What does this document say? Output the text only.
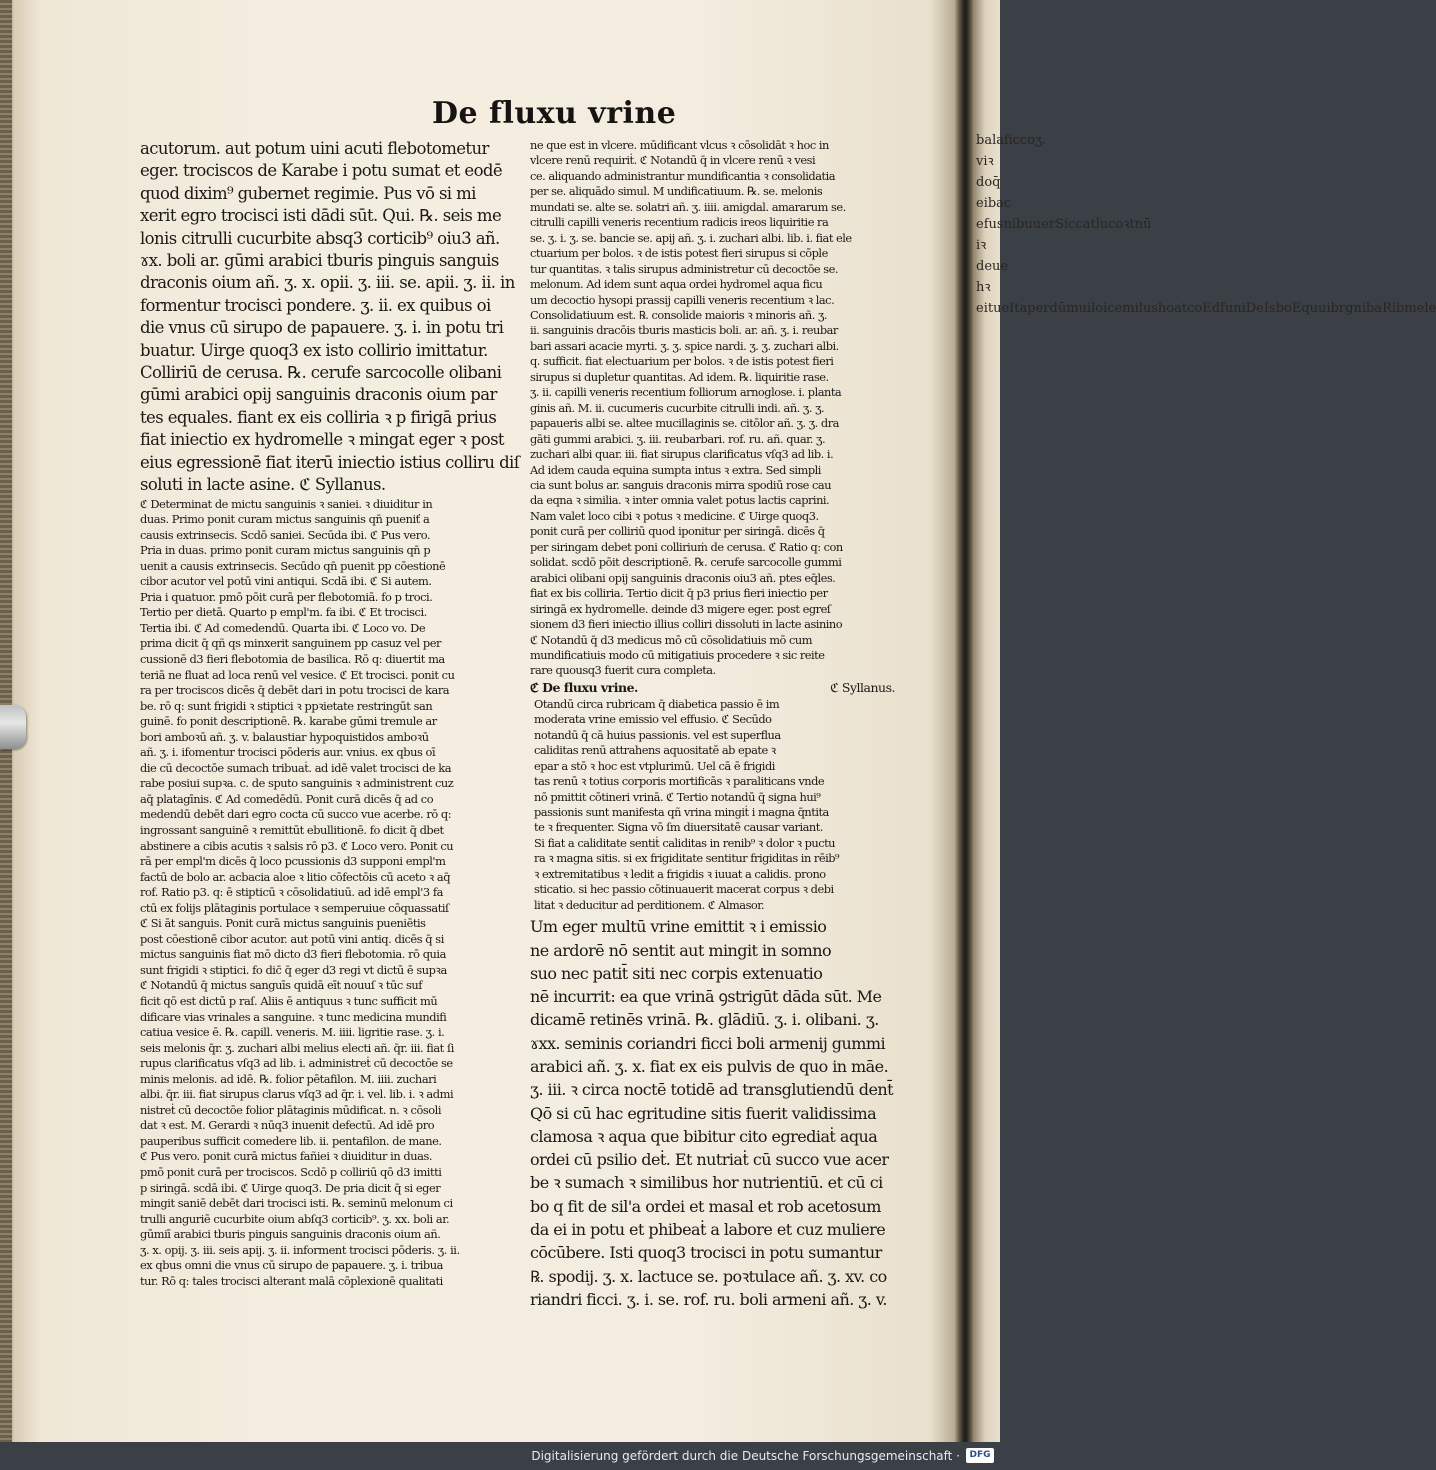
De fluxu vrine
acutorum. aut potum uini acuti flebotometur
eger. trociscos de Karabe i potu sumat et eodē
quod dixim⁹ gubernet regimie. Pus vō si mi
xerit egro trocisci isti dādi sūt. Qui. ℞. seis me
lonis citrulli cucurbite absq3 corticib⁹ oiu3 añ.
ɤx. boli ar. gūmi arabici tburis pinguis sanguis
draconis oium añ. ʒ. x. opii. ʒ. iii. se. apii. ʒ. ii. in
formentur trocisci pondere. ʒ. ii. ex quibus oi
die vnus cū sirupo de papauere. ʒ. i. in potu tri
buatur. Uirge quoq3 ex isto collirio imittatur.
Colliriū de cerusa. ℞. cerufe sarcocolle olibani
gūmi arabici opij sanguinis draconis oium par
tes equales. fiant ex eis colliria ꝛ p firigā prius
fiat iniectio ex hydromelle ꝛ mingat eger ꝛ post
eius egressionē fiat iterū iniectio istius colliru diſ
soluti in lacte asine. ℭ Syllanus.
ℭ Determinat de mictu sanguinis ꝛ saniei. ꝛ diuiditur in
duas. Primo ponit curam mictus sanguinis qn̄ pueniť a
causis extrinsecis. Scdō saniei. Secūda ibi. ℭ Pus vero.
Pria in duas. primo ponit curam mictus sanguinis qn̄ p
uenit a causis extrinsecis. Secūdo qn̄ puenit pp cōestionē
cibor acutor vel potū vini antiqui. Scdā ibi. ℭ Si autem.
Pria i quatuor. pmō pōit curā per flebotomiā. fo p troci.
Tertio per dietā. Quarto p empl'm. fa ibi. ℭ Et trocisci.
Tertia ibi. ℭ Ad comedendū. Quarta ibi. ℭ Loco vo. De
prima dicit q̄ qñ qs minxerit sanguinem pp casuz vel per
cussionē d3 fieri flebotomia de basilica. Rō q: diuertit ma
teriā ne fluat ad loca renū vel vesice. ℭ Et trocisci. ponit cu
ra per trociscos dicēs q̄ debēt dari in potu trocisci de kara
be. rō q: sunt frigidi ꝛ stiptici ꝛ ppꝛietate restringūt san
guinē. fo ponit descriptionē. ℞. karabe gūmi tremule ar
bori amboꝛū añ. ʒ. v. balaustiar hypoquistidos amboꝛū
añ. ʒ. i. ifomentur trocisci pōderis aur. vnius. ex qbus oī
die cū decoctōe sumach tribuaṫ. ad idē valet trocisci de ka
rabe posiui supꝛa. c. de sputo sanguinis ꝛ administrent cuz
aq̄ platagīnis. ℭ Ad comedēdū. Ponit curā dicēs q̄ ad co
medendū debēt dari egro cocta cū succo vue acerbe. rō q:
ingrossant sanguinē ꝛ remittūt ebullitionē. fo dicit q̄ dbet
abstinere a cibis acutis ꝛ salsis rō p3. ℭ Loco vero. Ponit cu
rā per empl'm dicēs q̄ loco pcussionis d3 supponi empl'm
factū de bolo ar. acbacia aloe ꝛ litio cōfectōis cū aceto ꝛ aq̄
rof. Ratio p3. q: ē stipticū ꝛ cōsolidatiuū. ad idē empl'3 fa
ctū ex folijs plātaginis portulace ꝛ semperuiue cōquassatiſ
ℭ Si āt sanguis. Ponit curā mictus sanguinis pueniētis
post cōestionē cibor acutor. aut potū vini antiq. dicēs q̄ si
mictus sanguinis fiat mō dicto d3 fieri flebotomia. rō quia
sunt frigidi ꝛ stiptici. fo dic̄ q̄ eger d3 regi vt dictū ē supꝛa
ℭ Notandū q̄ mictus sanguīs quidā eīt nouuſ ꝛ tūc suf
ficit qō est dictū p raſ. Aliis ē antiquus ꝛ tunc sufficit mū
dificare vias vrinales a sanguine. ꝛ tunc medicina mundifi
catiua vesice ē. ℞. capill. veneris. M. iiii. ligritie rase. ʒ. i.
seis melonis q̄r. ʒ. zuchari albi melius electi añ. q̄r. iii. fiat ſi
rupus clarificatus vſq3 ad lib. i. administreṫ cū decoctōe se
minis melonis. ad idē. ℞. folior pētafilon. M. iiii. zuchari
albi. q̄r. iii. fiat sirupus clarus vſq3 ad q̄r. i. vel. lib. i. ꝛ admi
nistreṫ cū decoctōe folior plātaginis mūdificat. n. ꝛ cōsoli
dat ꝛ est. M. Gerardi ꝛ nūq3 inuenit defectū. Ad idē pro
pauperibus sufficit comedere lib. ii. pentafilon. de mane.
ℭ Pus vero. ponit curā mictus fañiei ꝛ diuiditur in duas.
pmō ponit curā per trociscos. Scdō p colliriū qō d3 imitti
p siringā. scdā ibi. ℭ Uirge quoq3. De pria dicit q̄ si eger
mingit saniē debēt dari trocisci isti. ℞. seminū melonum ci
trulli anguriē cucurbite oium abſq3 corticib⁹. ʒ. xx. boli ar.
gūmiī arabici tburis pinguis sanguinis draconis oium añ.
ʒ. x. opij. ʒ. iii. seis apij. ʒ. ii. informent trocisci pōderis. ʒ. ii.
ex qbus omni die vnus cū sirupo de papauere. ʒ. i. tribua
tur. Rō q: tales trocisci alterant malā cōplexionē qualitati
ne que est in vlcere. mūdificant vlcus ꝛ cōsolidāt ꝛ hoc in
vlcere renū requiriṫ. ℭ Notandū q̄ in vlcere renū ꝛ vesi
ce. aliquando administrantur mundificantia ꝛ consolidatia
per se. aliquādo simul. M undificatiuum. ℞. se. melonis
mundati se. alte se. solatri añ. ʒ. iiii. amigdal. amararum se.
citrulli capilli veneris recentium radicis ireos liquiritie ra
se. ʒ. i. ʒ. se. bancie se. apij añ. ʒ. i. zuchari albi. lib. i. fiat ele
ctuarium per bolos. ꝛ de istis potest fieri sirupus si cōple
tur quantitas. ꝛ talis sirupus administretur cū decoctōe se.
melonum. Ad idem sunt aqua ordei hydromel aqua ficu
um decoctio hysopi prassij capilli veneris recentium ꝛ lac.
Consolidatiuum est. ℞. consolide maioris ꝛ minoris añ. ʒ.
ii. sanguinis dracōis tburis masticis boli. ar. añ. ʒ. i. reubar
bari assari acacie myrti. ʒ. ʒ. spice nardi. ʒ. ʒ. zuchari albi.
q. sufficit. fiat electuarium per bolos. ꝛ de istis potest fieri
sirupus si dupletur quantitas. Ad idem. ℞. liquiritie rase.
ʒ. ii. capilli veneris recentium folliorum arnoglose. i. planta
ginis añ. M. ii. cucumeris cucurbite citrulli indi. añ. ʒ. ʒ.
papaueris albi se. altee mucillaginis se. citōlor añ. ʒ. ʒ. dra
gāti gummi arabici. ʒ. iii. reubarbari. rof. ru. añ. quar. ʒ.
zuchari albi quar. iii. fiat sirupus clarificatus vſq3 ad lib. i.
Ad idem cauda equina sumpta intus ꝛ extra. Sed simpli
cia sunt bolus ar. sanguis draconis mirra spodiū rose cau
da eqna ꝛ similia. ꝛ inter omnia valet potus lactis caprini.
Nam valet loco cibi ꝛ potus ꝛ medicine. ℭ Uirge quoq3.
ponit curā per colliriū quod iponitur per siringā. dicēs q̄
per siringam debet poni colliriuṁ de cerusa. ℭ Ratio q: con
solidat. scdō pōit descriptionē. ℞. cerufe sarcocolle gummi
arabici olibani opij sanguinis draconis oiu3 añ. ptes eq̄les.
fiat ex bis colliria. Tertio dicit q̄ p3 prius fieri iniectio per
siringā ex hydromelle. deinde d3 migere eger. post egreſ
sionem d3 fieri iniectio illius colliri dissoluti in lacte asinino
ℭ Notandū q̄ d3 medicus mō cū cōsolidatiuis mō cum
mundificatiuis modo cū mitigatiuis procedere ꝛ sic reite
rare quousq3 fuerit cura completa.
ℭ De fluxu vrine.	ℭ Syllanus.
Otandū circa rubricam q̄ diabetica passio ē im
moderata vrine emissio vel effusio. ℭ Secūdo
notandū q̄ cā huius passionis. vel est superflua
caliditas renū attrahens aquositatē ab epate ꝛ
epar a stō ꝛ hoc est vtplurimū. Uel cā ē frigidi
tas renū ꝛ totius corporis mortificās ꝛ paraliticans vnde
nō pmittit cōtineri vrinā. ℭ Tertio notandū q̄ signa hui⁹
passionis sunt manifesta qñ vrina mingiṫ i magna q̄ntita
te ꝛ frequenter. Signa vō ſm diuersitatē causar variant.
Si fiat a caliditate sentiṫ caliditas in renib⁹ ꝛ dolor ꝛ puctu
ra ꝛ magna sitis. si ex frigiditate sentitur frigiditas in rēib⁹
ꝛ extremitatibus ꝛ ledit a frigidis ꝛ iuuat a calidis. prono
sticatio. si hec passio cōtinuauerit macerat corpus ꝛ debi
litat ꝛ deducitur ad perditionem. ℭ Almasor.
Um eger multū vrine emittit ꝛ i emissio
ne ardorē nō sentit aut mingit in somno
suo nec patit̄ siti nec corpis extenuatio
nē incurrit: ea que vrinā ꝯstrigūt dāda sūt. Me
dicamē retinēs vrinā. ℞. glādiū. ʒ. i. olibani. ʒ.
ɤxx. seminis coriandri ficci boli armenij gummi
arabici añ. ʒ. x. fiat ex eis pulvis de quo in māe.
ʒ. iii. ꝛ circa noctē totidē ad transglutiendū dent̄
Qō si cū hac egritudine sitis fuerit validissima
clamosa ꝛ aqua que bibitur cito egrediaṫ aqua
ordei cū psilio deṫ. Et nutriaṫ cū succo vue acer
be ꝛ sumach ꝛ similibus hor nutrientiū. et cū ci
bo q fit de sil'a ordei et masal et rob acetosum
da ei in potu et phibeaṫ a labore et cuz muliere
cōcūbere. Isti quoq3 trocisci in potu sumantur
℞. spodij. ʒ. x. lactuce se. poꝛtulace añ. ʒ. xv. co
riandri ficci. ʒ. i. se. rof. ru. boli armeni añ. ʒ. v.
balaficcoʒ. viꝛ doq̄ eibac efusnibuuerSiccatlucoꝛtnū iꝛ deue hꝛ eitueItaperdūmuiloicemilushoatcoEdfuniDeIsboEquuibrgnibaRibmele
Digitalisierung gefördert durch die Deutsche Forschungsgemeinschaft ·	DFG
